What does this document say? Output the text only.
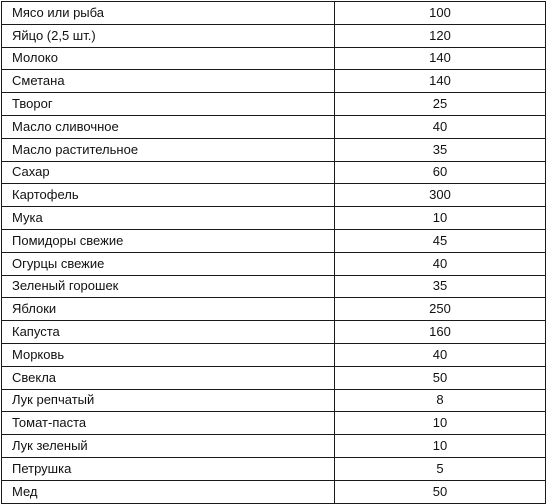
Мясо или рыба	100
Яйцо (2,5 шт.)	120
Молоко	140
Сметана	140
Творог	25
Масло сливочное	40
Масло растительное	35
Сахар	60
Картофель	300
Мука	10
Помидоры свежие	45
Огурцы свежие	40
Зеленый горошек	35
Яблоки	250
Капуста	160
Морковь	40
Свекла	50
Лук репчатый	8
Томат-паста	10
Лук зеленый	10
Петрушка	5
Мед	50
